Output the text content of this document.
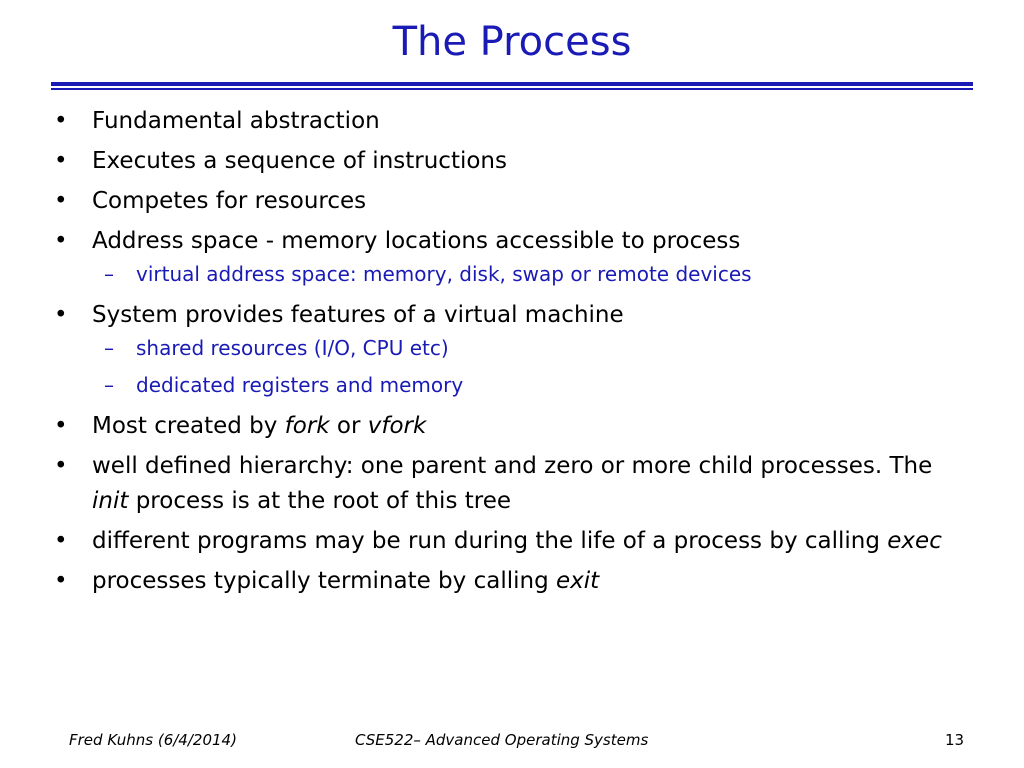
The Process
• Fundamental abstraction
• Executes a sequence of instructions
• Competes for resources
• Address space - memory locations accessible to process
–	virtual address space: memory, disk, swap or remote devices
• System provides features of a virtual machine
–	shared resources (I/O, CPU etc)
–	dedicated registers and memory
• Most created by fork or vfork
• well defined hierarchy: one parent and zero or more child processes. The init process is at the root of this tree
• different programs may be run during the life of a process by calling exec
• processes typically terminate by calling exit
Fred Kuhns (6/4/2014)	CSE522– Advanced Operating Systems	13
